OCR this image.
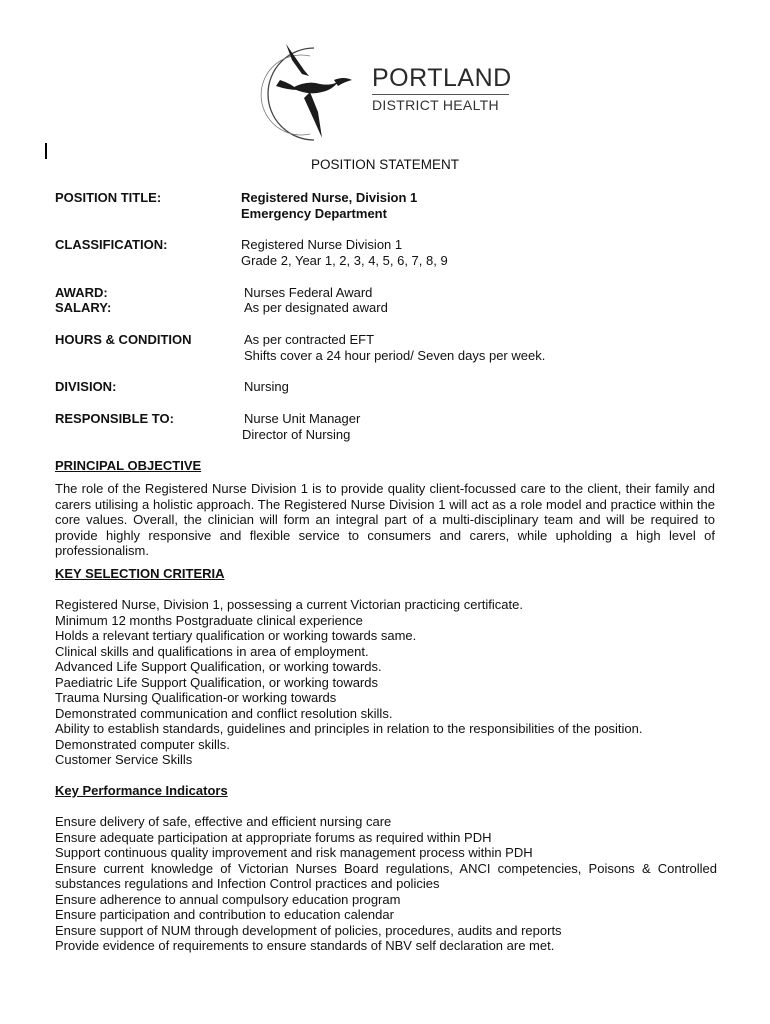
PORTLAND
DISTRICT HEALTH
POSITION STATEMENT
POSITION TITLE:	Registered Nurse, Division 1
Emergency Department
CLASSIFICATION:	Registered Nurse Division 1
Grade 2, Year 1, 2, 3, 4, 5, 6, 7, 8, 9
AWARD:	Nurses Federal Award
SALARY:	As per designated award
HOURS & CONDITION	As per contracted EFT
Shifts cover a 24 hour period/ Seven days per week.
DIVISION:	Nursing
RESPONSIBLE TO:	Nurse Unit Manager
Director of Nursing
PRINCIPAL OBJECTIVE

The role of the Registered Nurse Division 1 is to provide quality client-focussed care to the client, their family and carers utilising a holistic approach. The Registered Nurse Division 1 will act as a role model and practice within the core values. Overall, the clinician will form an integral part of a multi-disciplinary team and will be required to provide highly responsive and flexible service to consumers and carers, while upholding a high level of professionalism.

KEY SELECTION CRITERIA
Registered Nurse, Division 1, possessing a current Victorian practicing certificate.
Minimum 12 months Postgraduate clinical experience
Holds a relevant tertiary qualification or working towards same.
Clinical skills and qualifications in area of employment.
Advanced Life Support Qualification, or working towards.
Paediatric Life Support Qualification, or working towards
Trauma Nursing Qualification-or working towards
Demonstrated communication and conflict resolution skills.
Ability to establish standards, guidelines and principles in relation to the responsibilities of the position.
Demonstrated computer skills.
Customer Service Skills
Key Performance Indicators
Ensure delivery of safe, effective and efficient nursing care
Ensure adequate participation at appropriate forums as required within PDH
Support continuous quality improvement and risk management process within PDH
Ensure current knowledge of Victorian Nurses Board regulations, ANCI competencies, Poisons & Controlled substances regulations and Infection Control practices and policies
Ensure adherence to annual compulsory education program
Ensure participation and contribution to education calendar
Ensure support of NUM through development of policies, procedures, audits and reports
Provide evidence of requirements to ensure standards of NBV self declaration are met.
